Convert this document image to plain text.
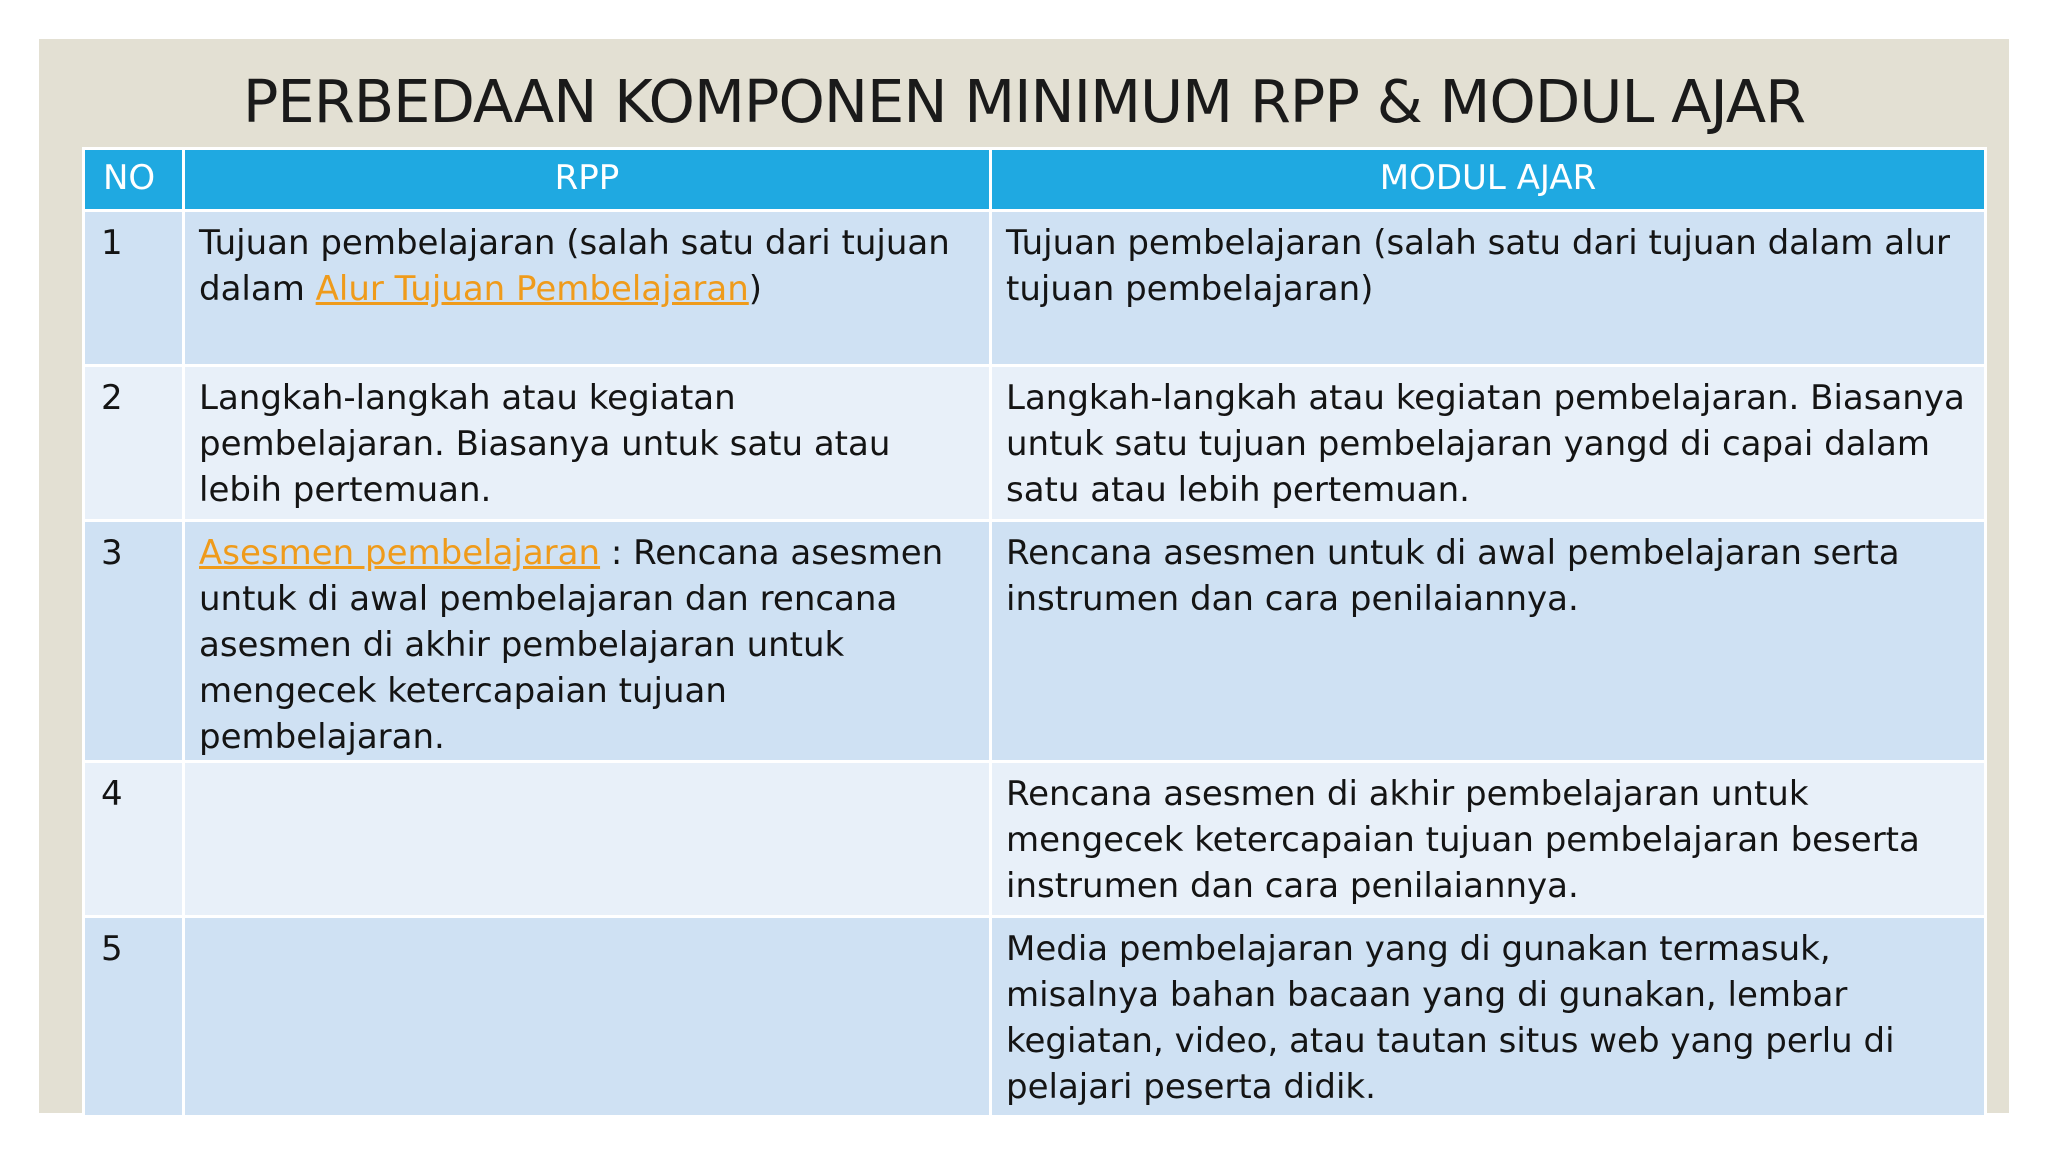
PERBEDAAN KOMPONEN MINIMUM RPP & MODUL AJAR
NO	RPP	MODUL AJAR
1	Tujuan pembelajaran (salah satu dari tujuan dalam Alur Tujuan Pembelajaran)	Tujuan pembelajaran (salah satu dari tujuan dalam alur tujuan pembelajaran)
2	Langkah-langkah atau kegiatan pembelajaran. Biasanya untuk satu atau lebih pertemuan.	Langkah-langkah atau kegiatan pembelajaran. Biasanya untuk satu tujuan pembelajaran yangd di capai dalam satu atau lebih pertemuan.
3	Asesmen pembelajaran : Rencana asesmen untuk di awal pembelajaran dan rencana asesmen di akhir pembelajaran untuk mengecek ketercapaian tujuan pembelajaran.	Rencana asesmen untuk di awal pembelajaran serta instrumen dan cara penilaiannya.
4		Rencana asesmen di akhir pembelajaran untuk mengecek ketercapaian tujuan pembelajaran beserta instrumen dan cara penilaiannya.
5		Media pembelajaran yang di gunakan termasuk, misalnya bahan bacaan yang di gunakan, lembar kegiatan, video, atau tautan situs web yang perlu di pelajari peserta didik.
